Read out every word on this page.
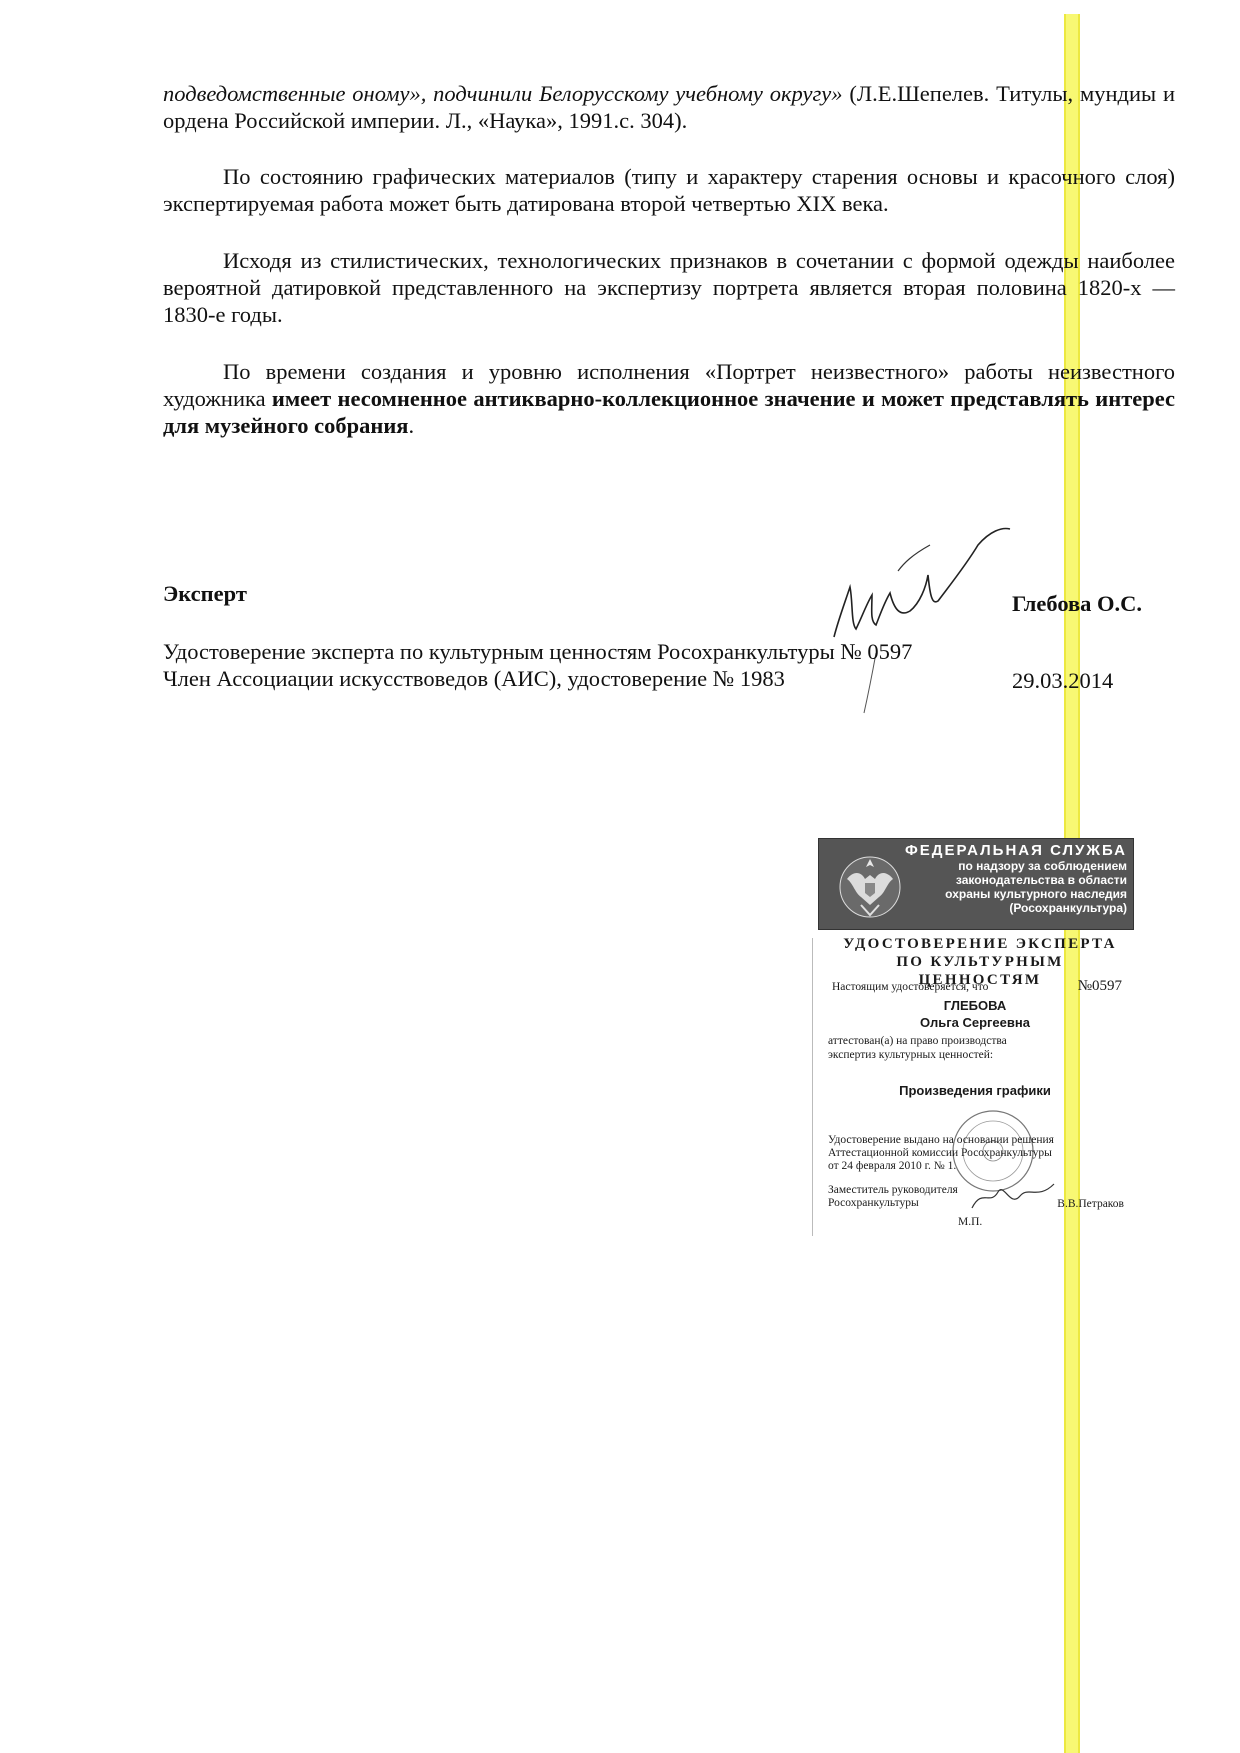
подведомственные ономy», подчинили Белорусскому учебному округу» (Л.Е.Шепелев. Титулы, мундиы и ордена Российской империи. Л., «Наука», 1991.с. 304).

По состоянию графических материалов (типу и характеру старения основы и красочного слоя) экспертируемая работа может быть датирована второй четвертью XIX века.

Исходя из стилистических, технологических признаков в сочетании с формой одежды наиболее вероятной датировкой представленного на экспертизу портрета является вторая половина 1820-х — 1830-е годы.

По времени создания и уровню исполнения «Портрет неизвестного» работы неизвестного художника имеет несомненное антикварно-коллекционное значение и может представлять интерес для музейного собрания.

Эксперт	Глебова О.С.
Удостоверение эксперта по культурным ценностям Росохранкультуры № 0597
Член Ассоциации искусствоведов (АИС), удостоверение № 1983	29.03.2014
ФЕДЕРАЛЬНАЯ СЛУЖБА
по надзору за соблюдением
законодательства в области
охраны культурного наследия
(Росохранкультура)
УДОСТОВЕРЕНИЕ ЭКСПЕРТА
ПО КУЛЬТУРНЫМ ЦЕННОСТЯМ
Настоящим удостоверяется, что	№0597
ГЛЕБОВА
Ольга Сергеевна
аттестован(а) на право производства
экспертиз культурных ценностей:
Произведения графики
Удостоверение выдано на основании решения
Аттестационной комиссии Росохранкультуры
от 24 февраля 2010 г. № 1.
Заместитель руководителя
Росохранкультуры	В.В.Петраков
М.П.
